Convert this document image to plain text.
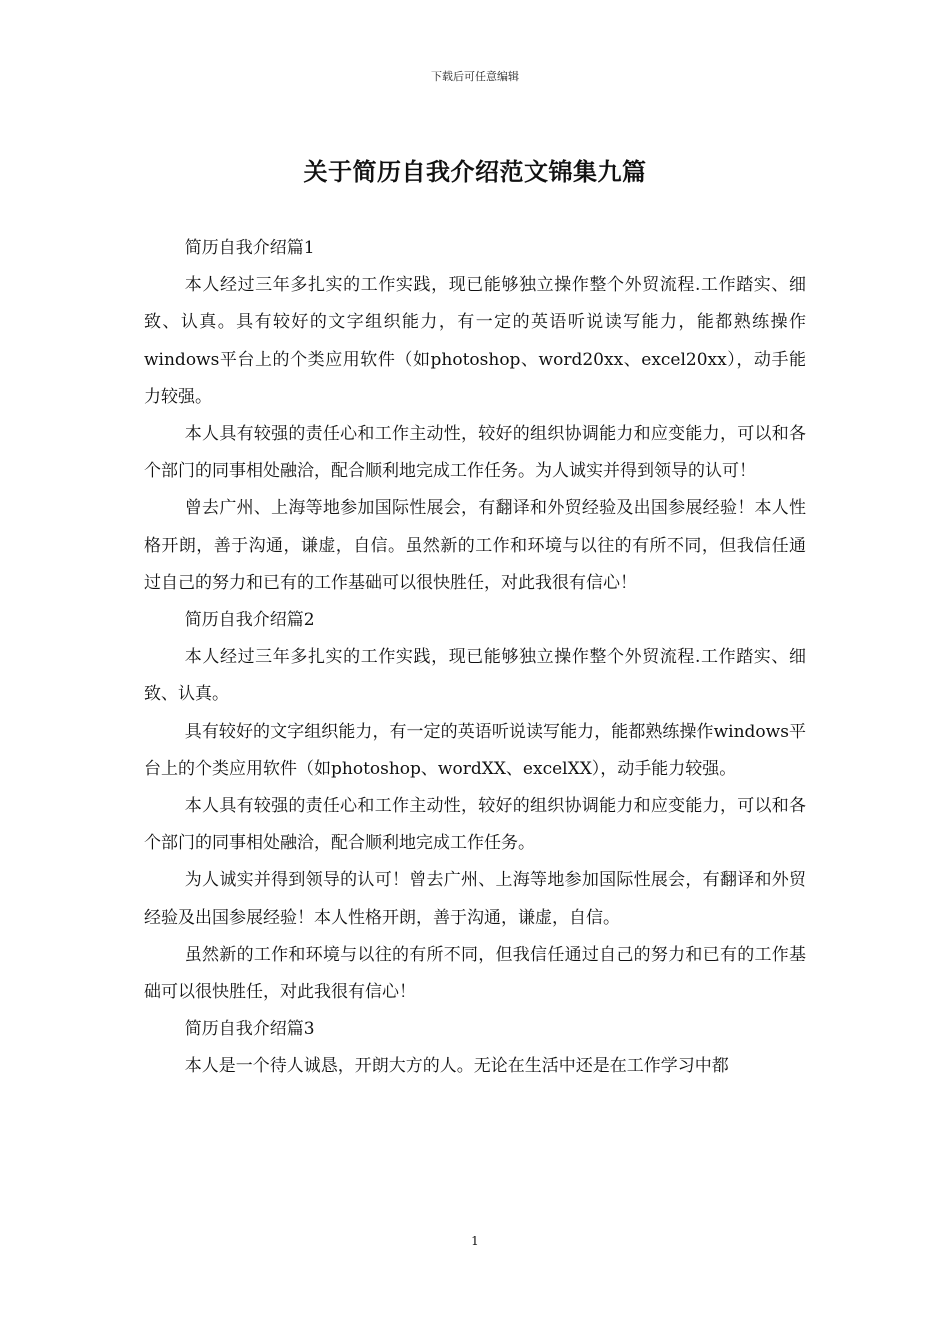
下载后可任意编辑
关于简历自我介绍范文锦集九篇

简历自我介绍篇1

本人经过三年多扎实的工作实践，现已能够独立操作整个外贸流程.工作踏实、细致、认真。具有较好的文字组织能力，有一定的英语听说读写能力，能都熟练操作windows平台上的个类应用软件（如photoshop、word20xx、excel20xx），动手能力较强。

本人具有较强的责任心和工作主动性，较好的组织协调能力和应变能力，可以和各个部门的同事相处融洽，配合顺利地完成工作任务。为人诚实并得到领导的认可！

曾去广州、上海等地参加国际性展会，有翻译和外贸经验及出国参展经验！本人性格开朗，善于沟通，谦虚，自信。虽然新的工作和环境与以往的有所不同，但我信任通过自己的努力和已有的工作基础可以很快胜任，对此我很有信心！

简历自我介绍篇2

本人经过三年多扎实的工作实践，现已能够独立操作整个外贸流程.工作踏实、细致、认真。

具有较好的文字组织能力，有一定的英语听说读写能力，能都熟练操作windows平台上的个类应用软件（如photoshop、wordXX、excelXX），动手能力较强。

本人具有较强的责任心和工作主动性，较好的组织协调能力和应变能力，可以和各个部门的同事相处融洽，配合顺利地完成工作任务。

为人诚实并得到领导的认可！曾去广州、上海等地参加国际性展会，有翻译和外贸经验及出国参展经验！本人性格开朗，善于沟通，谦虚，自信。

虽然新的工作和环境与以往的有所不同，但我信任通过自己的努力和已有的工作基础可以很快胜任，对此我很有信心！

简历自我介绍篇3

本人是一个待人诚恳，开朗大方的人。无论在生活中还是在工作学习中都

1
